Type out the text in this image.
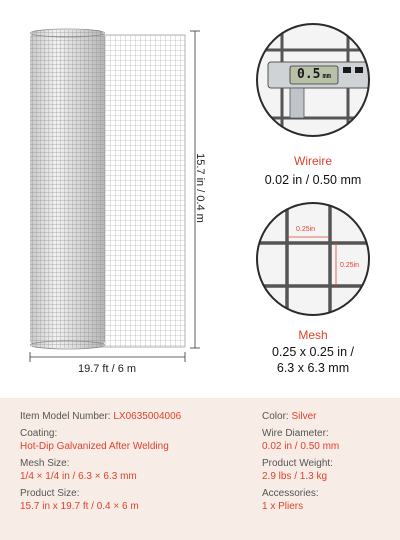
15.7 in / 0.4 m
19.7 ft / 6 m
0.5 mm
Wireire
0.02 in / 0.50 mm
0.25in
0.25in
Mesh
0.25 x 0.25 in /
6.3 x 6.3 mm
Item Model Number: LX0635004006
Coating:
Hot-Dip Galvanized After Welding
Mesh Size:
1/4 × 1/4 in / 6.3 × 6.3 mm
Product Size:
15.7 in x 19.7 ft / 0.4 × 6 m
Color: Silver
Wire Diameter:
0.02 in / 0.50 mm
Product Weight:
2.9 lbs / 1.3 kg
Accessories:
1 x Pliers
